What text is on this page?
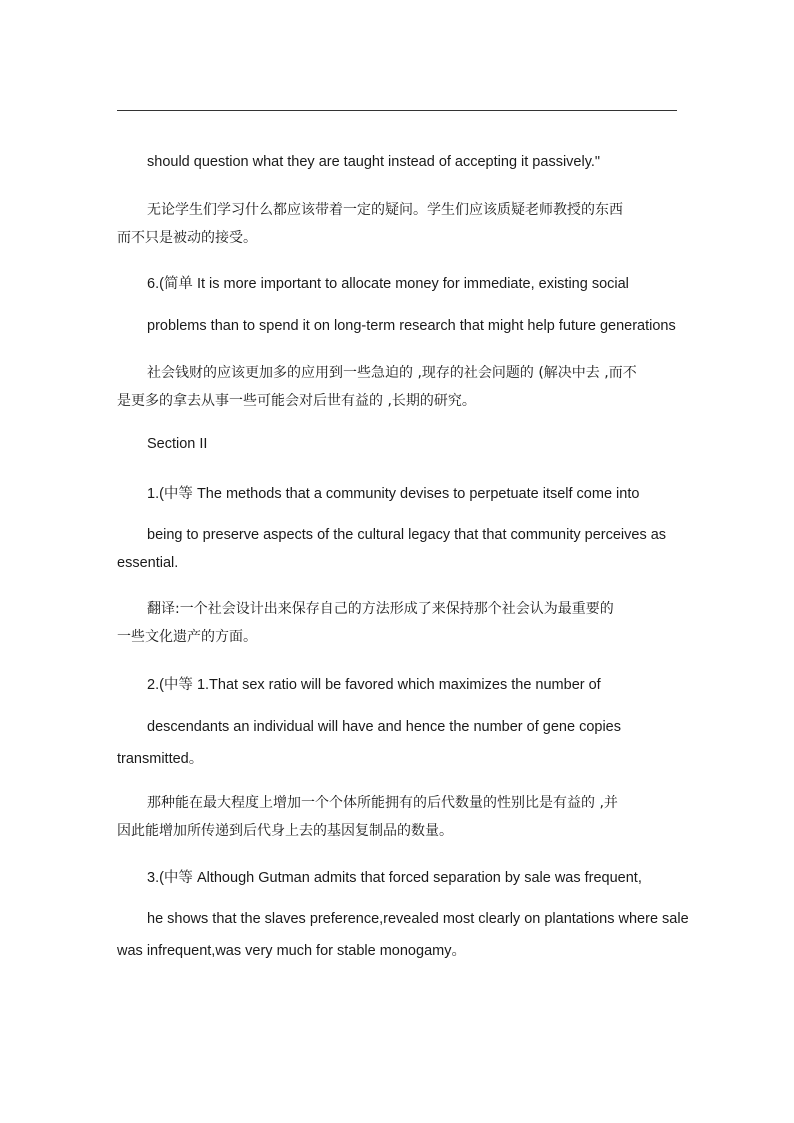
should question what they are taught instead of accepting it passively."
无论学生们学习什么都应该带着一定的疑问。学生们应该质疑老师教授的东西
而不只是被动的接受。
6.(简单 It is more important to allocate money for immediate, existing social
problems than to spend it on long-term research that might help future generations
社会钱财的应该更加多的应用到一些急迫的 ,现存的社会问题的 (解决中去 ,而不
是更多的拿去从事一些可能会对后世有益的 ,长期的研究。
Section II
1.(中等 The methods that a community devises to perpetuate itself come into
being to preserve aspects of the cultural legacy that that community perceives as
essential.
翻译:一个社会设计出来保存自己的方法形成了来保持那个社会认为最重要的
一些文化遗产的方面。
2.(中等 1.That sex ratio will be favored which maximizes the number of
descendants an individual will have and hence the number of gene copies
transmitted。
那种能在最大程度上增加一个个体所能拥有的后代数量的性别比是有益的 ,并
因此能增加所传递到后代身上去的基因复制品的数量。
3.(中等 Although Gutman admits that forced separation by sale was frequent,
he shows that the slaves preference,revealed most clearly on plantations where sale
was infrequent,was very much for stable monogamy。
